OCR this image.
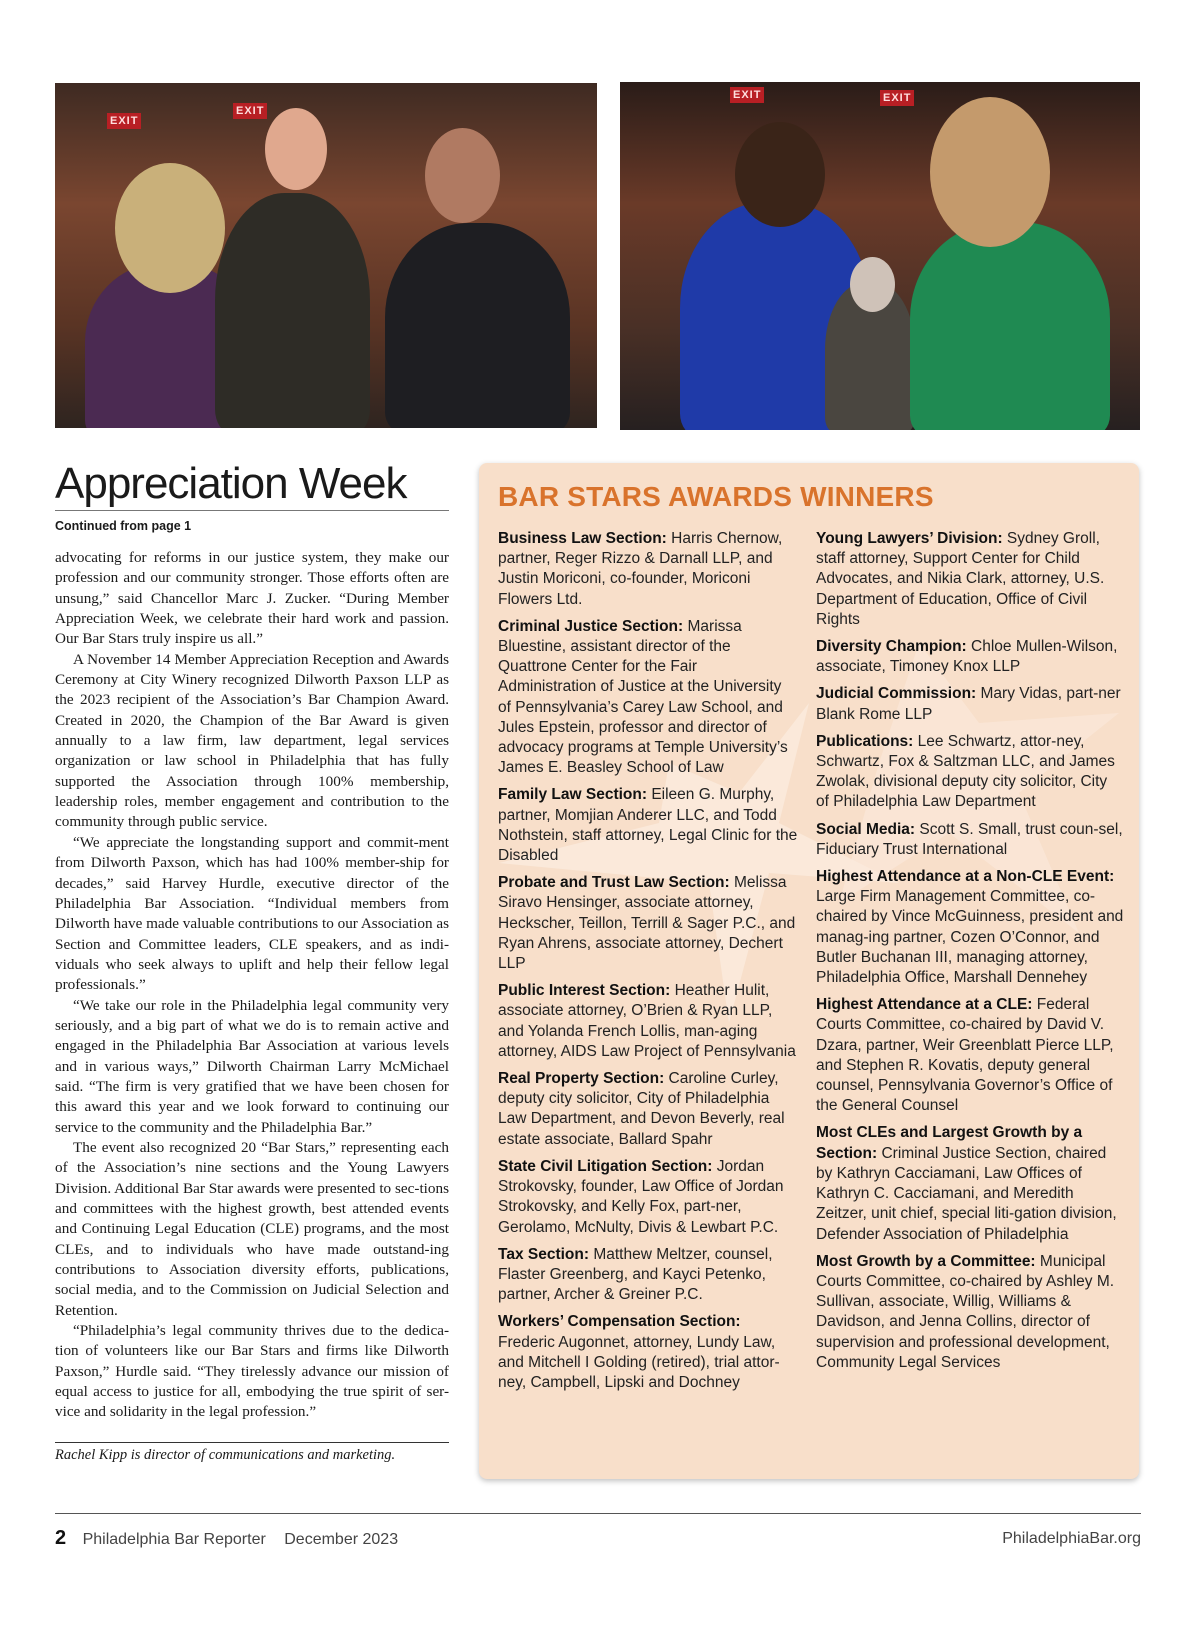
EXIT
EXIT
EXIT	EXIT
Appreciation Week
Continued from page 1

advocating for reforms in our justice system, they make our profession and our community stronger. Those efforts often are unsung,” said Chancellor Marc J. Zucker. “During Member Appreciation Week, we celebrate their hard work and passion. Our Bar Stars truly inspire us all.”

A November 14 Member Appreciation Reception and Awards Ceremony at City Winery recognized Dilworth Paxson LLP as the 2023 recipient of the Association’s Bar Champion Award. Created in 2020, the Champion of the Bar Award is given annually to a law firm, law department, legal services organization or law school in Philadelphia that has fully supported the Association through 100% membership, leadership roles, member engagement and contribution to the community through public service.

“We appreciate the longstanding support and commit-ment from Dilworth Paxson, which has had 100% member-ship for decades,” said Harvey Hurdle, executive director of the Philadelphia Bar Association. “Individual members from Dilworth have made valuable contributions to our Association as Section and Committee leaders, CLE speakers, and as indi-viduals who seek always to uplift and help their fellow legal professionals.”

“We take our role in the Philadelphia legal community very seriously, and a big part of what we do is to remain active and engaged in the Philadelphia Bar Association at various levels and in various ways,” Dilworth Chairman Larry McMichael said. “The firm is very gratified that we have been chosen for this award this year and we look forward to continuing our service to the community and the Philadelphia Bar.”

The event also recognized 20 “Bar Stars,” representing each of the Association’s nine sections and the Young Lawyers Division. Additional Bar Star awards were presented to sec-tions and committees with the highest growth, best attended events and Continuing Legal Education (CLE) programs, and the most CLEs, and to individuals who have made outstand-ing contributions to Association diversity efforts, publications, social media, and to the Commission on Judicial Selection and Retention.

“Philadelphia’s legal community thrives due to the dedica-tion of volunteers like our Bar Stars and firms like Dilworth Paxson,” Hurdle said. “They tirelessly advance our mission of equal access to justice for all, embodying the true spirit of ser-vice and solidarity in the legal profession.”

Rachel Kipp is director of communications and marketing.
BAR STARS AWARDS WINNERS
Business Law Section: Harris Chernow, partner, Reger Rizzo & Darnall LLP, and Justin Moriconi, co-founder, Moriconi Flowers Ltd.
Criminal Justice Section: Marissa Bluestine, assistant director of the Quattrone Center for the Fair Administration of Justice at the University of Pennsylvania’s Carey Law School, and Jules Epstein, professor and director of advocacy programs at Temple University’s James E. Beasley School of Law
Family Law Section: Eileen G. Murphy, partner, Momjian Anderer LLC, and Todd Nothstein, staff attorney, Legal Clinic for the Disabled
Probate and Trust Law Section: Melissa Siravo Hensinger, associate attorney, Heckscher, Teillon, Terrill & Sager P.C., and Ryan Ahrens, associate attorney, Dechert LLP
Public Interest Section: Heather Hulit, associate attorney, O’Brien & Ryan LLP, and Yolanda French Lollis, man-aging attorney, AIDS Law Project of Pennsylvania
Real Property Section: Caroline Curley, deputy city solicitor, City of Philadelphia Law Department, and Devon Beverly, real estate associate, Ballard Spahr
State Civil Litigation Section: Jordan Strokovsky, founder, Law Office of Jordan Strokovsky, and Kelly Fox, part-ner, Gerolamo, McNulty, Divis & Lewbart P.C.
Tax Section: Matthew Meltzer, counsel, Flaster Greenberg, and Kayci Petenko, partner, Archer & Greiner P.C.
Workers’ Compensation Section: Frederic Augonnet, attorney, Lundy Law, and Mitchell I Golding (retired), trial attor-ney, Campbell, Lipski and Dochney
Young Lawyers’ Division: Sydney Groll, staff attorney, Support Center for Child Advocates, and Nikia Clark, attorney, U.S. Department of Education, Office of Civil Rights
Diversity Champion: Chloe Mullen-Wilson, associate, Timoney Knox LLP
Judicial Commission: Mary Vidas, part-ner Blank Rome LLP
Publications: Lee Schwartz, attor-ney, Schwartz, Fox & Saltzman LLC, and James Zwolak, divisional deputy city solicitor, City of Philadelphia Law Department
Social Media: Scott S. Small, trust coun-sel, Fiduciary Trust International
Highest Attendance at a Non-CLE Event: Large Firm Management Committee, co-chaired by Vince McGuinness, president and manag-ing partner, Cozen O’Connor, and Butler Buchanan III, managing attorney, Philadelphia Office, Marshall Dennehey
Highest Attendance at a CLE: Federal Courts Committee, co-chaired by David V. Dzara, partner, Weir Greenblatt Pierce LLP, and Stephen R. Kovatis, deputy general counsel, Pennsylvania Governor’s Office of the General Counsel
Most CLEs and Largest Growth by a Section: Criminal Justice Section, chaired by Kathryn Cacciamani, Law Offices of Kathryn C. Cacciamani, and Meredith Zeitzer, unit chief, special liti-gation division, Defender Association of Philadelphia
Most Growth by a Committee: Municipal Courts Committee, co-chaired by Ashley M. Sullivan, associate, Willig, Williams & Davidson, and Jenna Collins, director of supervision and professional development, Community Legal Services
2 Philadelphia Bar Reporter December 2023	PhiladelphiaBar.org
